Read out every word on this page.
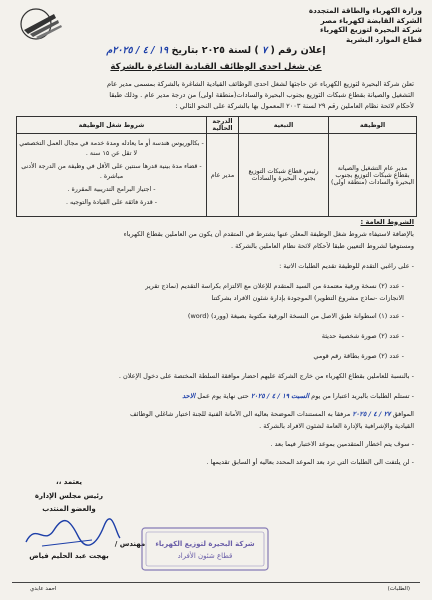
وزارة الكهرباء والطاقة المتجددة
الشركة القابضة لكهرباء مصر
شركة البحيرة لتوزيع الكهرباء
قطاع الموارد البشرية
إعلان رقم ( ٧ ) لسنة ٢٠٢٥ بتاريخ ١٩ / ٤ / ٢٠٢٥م
عن شغل احدى الوظائف القيادية الشاغرة بالشركة
تعلن شركة البحيرة لتوزيع الكهرباء عن حاجتها لشغل احدى الوظائف القيادية الشاغرة بالشركة بمسمى مدير عام
التشغيل والصيانة بقطاع شبكات التوزيع بجنوب البحيرة والسادات(منطقة اولى) من درجة مدير عام . وذلك طبقا
لأحكام لائحة نظام العاملين رقم ٢٩ لسنة ٢٠٠٣ المعمول بها بالشركة على النحو التالي :
الوظيفة	التبعية	الدرجة الحالية	شروط شغل الوظيفة
مدير عام التشغيل والصيانة بقطاع شبكات التوزيع بجنوب البحيرة والسادات (منطقة اولى)	رئيس قطاع شبكات التوزيع بجنوب البحيرة والسادات	مدير عام	- بكالوريوس هندسة أو ما يعادله ومدة خدمة في مجال العمل التخصصي لا تقل عن ١٥ سنة .

- قضاء مدة بينية قدرها سنتين على الأقل في وظيفة من الدرجة الأدنى مباشرة .

- اجتياز البرامج التدريبية المقررة .

- قدرة فائقة على القيادة والتوجيه .

الشروط العامة :
بالإضافة لاستيفاء شروط شغل الوظيفة المعلن عنها يشترط في المتقدم أن يكون من العاملين بقطاع الكهرباء
ومستوفيا لشروط التعيين طبقا لأحكام لائحة نظام العاملين بالشركة .
- على راغبي التقدم للوظيفة تقديم الطلبات الاتية :
- عدد (٢) نسخة ورقية معتمدة من السيد المتقدم للإعلان مع الالتزام بكراسة التقديم (نماذج تقرير
الانجازات -نماذج مشروع التطوير) الموجودة بإدارة شئون الافراد بشركتنا
- عدد (١) اسطوانة طبق الاصل من النسخة الورقية مكتوبة بصيغة (وورد) (word)
- عدد (٢) صورة شخصية حديثة
- عدد (٢) صورة بطاقة رقم قومي
- بالنسبة للعاملين بقطاع الكهرباء من خارج الشركة عليهم احضار موافقة السلطة المختصة على دخول الإعلان .
- تستلم الطلبات بالبريد اعتبارا من يوم السبت ١٩ / ٤ / ٢٠٢٥ حتى نهاية يوم عمل الاحد
الموافق ٢٧ / ٤ / ٢٠٢٥ مرفقا به المستندات الموضحة بعاليه الى الأمانة الفنية للجنة اختيار شاغلي الوظائف
القيادية والإشرافية بالإدارة العامة لشئون الافراد بالشركة .
- سوف يتم اخطار المتقدمين بموعد الاختبار فيما بعد .
- لن يلتفت الى الطلبات التي ترد بعد الموعد المحدد بعاليه أو السابق تقديمها .
يعتمد ،،
رئيس مجلس الإدارة
والعضو المنتدب
مهندس /
بهجت عبد الحليم فياض
شركة البحيرة لتوزيع الكهرباء
قطاع شئون الأفراد
احمد عابدي	(الطلبات)
